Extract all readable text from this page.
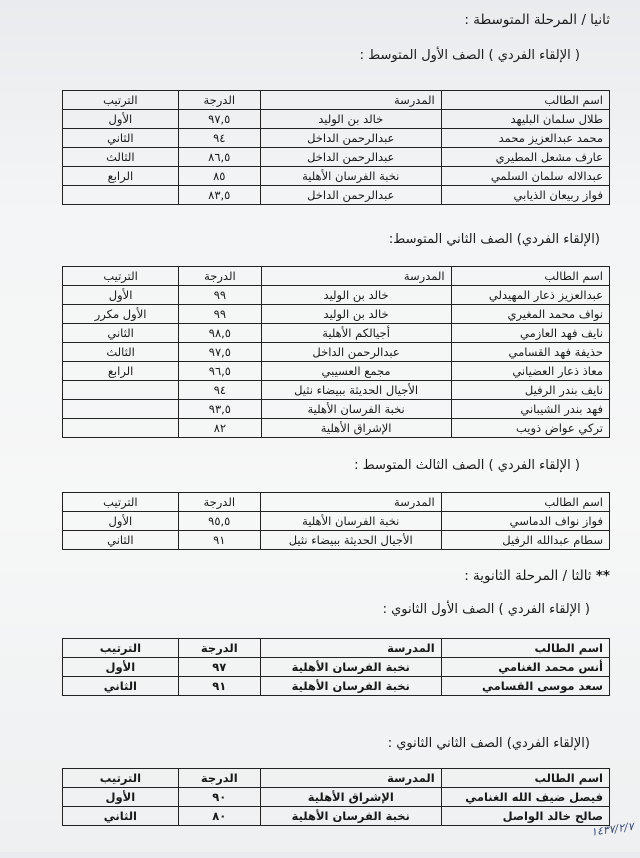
ثانيا / المرحلة المتوسطة :
( الإلقاء الفردي ) الصف الأول المتوسط :
اسم الطالب	المدرسة	الدرجة	الترتيب
طلال سلمان البليهد	خالد بن الوليد	٩٧,٥	الأول
محمد عبدالعزيز محمد	عبدالرحمن الداخل	٩٤	الثاني
عارف مشعل المطيري	عبدالرحمن الداخل	٨٦,٥	الثالث
عبدالاله سلمان السلمي	نخبة الفرسان الأهلية	٨٥	الرابع
فواز ربيعان الذيابي	عبدالرحمن الداخل	٨٣,٥	
(الإلقاء الفردي) الصف الثاني المتوسط:
اسم الطالب	المدرسة	الدرجة	الترتيب
عبدالعزيز ذعار المهيدلي	خالد بن الوليد	٩٩	الأول
نواف محمد المغيري	خالد بن الوليد	٩٩	الأول مكرر
نايف فهد العازمي	أجيالكم الأهلية	٩٨,٥	الثاني
حذيفة فهد القسامي	عبدالرحمن الداخل	٩٧,٥	الثالث
معاذ ذعار العضياني	مجمع العسيبي	٩٦,٥	الرابع
نايف بندر الرفيل	الأجيال الحديثة ببيضاء نثيل	٩٤	
فهد بندر الشيباني	نخبة الفرسان الأهلية	٩٣,٥	
تركي عواض ذويب	الإشراق الأهلية	٨٢	
( الإلقاء الفردي ) الصف الثالث المتوسط :
اسم الطالب	المدرسة	الدرجة	الترتيب
فواز نواف الدماسي	نخبة الفرسان الأهلية	٩٥,٥	الأول
سطام عبدالله الرفيل	الأجيال الحديثة ببيضاء نثيل	٩١	الثاني
** ثالثا / المرحلة الثانوية :
( الإلقاء الفردي ) الصف الأول الثانوي :
اسم الطالب	المدرسة	الدرجة	الترتيب
أنس محمد الغنامي	نخبة الفرسان الأهلية	٩٧	الأول
سعد موسى القسامي	نخبة الفرسان الأهلية	٩١	الثاني
(الإلقاء الفردي) الصف الثاني الثانوي :
اسم الطالب	المدرسة	الدرجة	الترتيب
فيصل ضيف الله الغنامي	الإشراق الأهلية	٩٠	الأول
صالح خالد الواصل	نخبة الفرسان الأهلية	٨٠	الثاني
١٤٣٧/٢/٧
